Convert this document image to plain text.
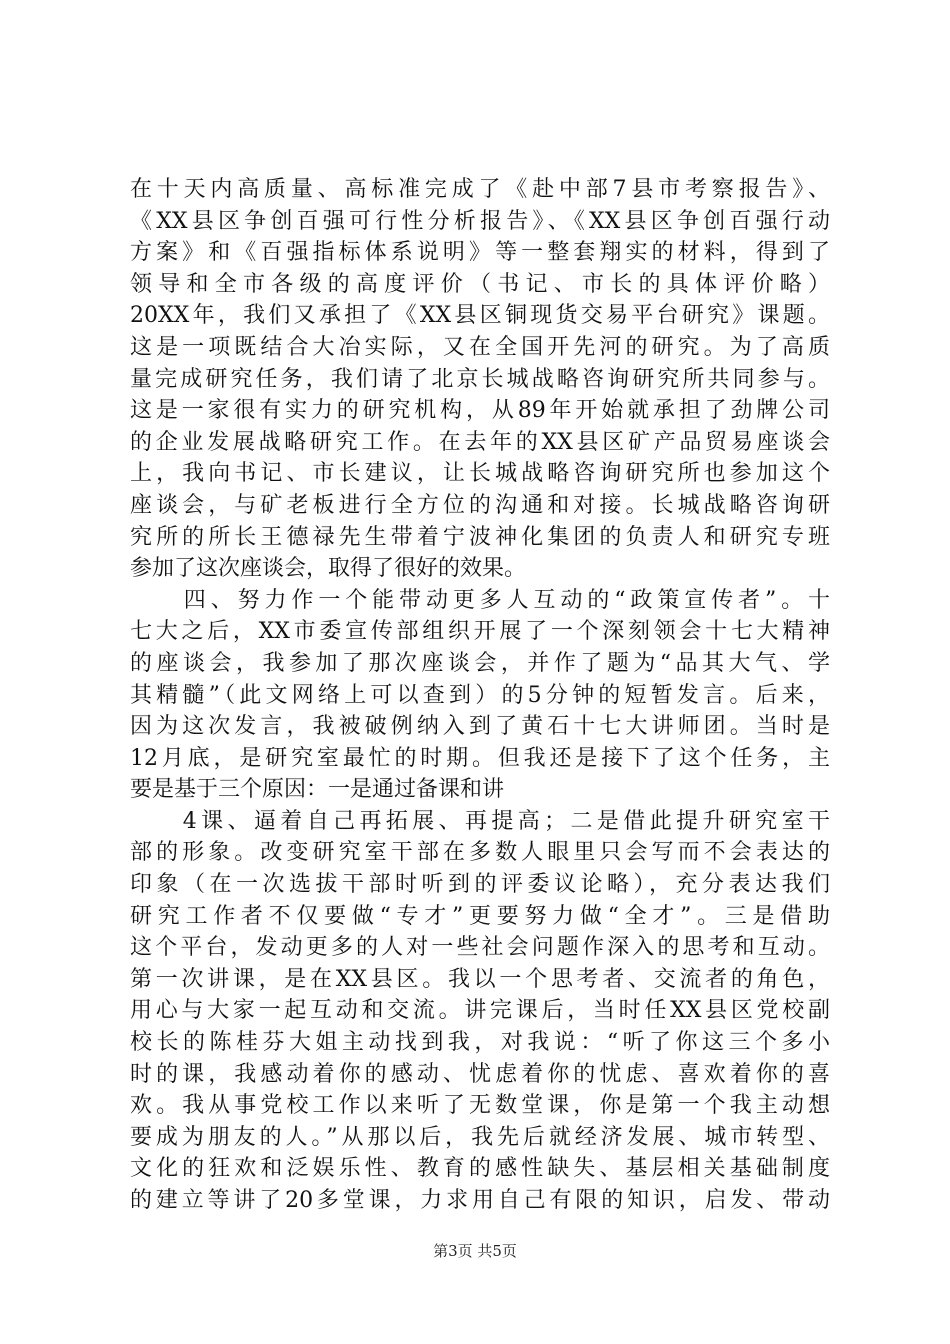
在十天内高质量、高标准完成了《赴中部7县市考察报告》、
《XX县区争创百强可行性分析报告》、《XX县区争创百强行动
方案》和《百强指标体系说明》等一整套翔实的材料，得到了
领导和全市各级的高度评价（书记、市长的具体评价略）
20XX年，我们又承担了《XX县区铜现货交易平台研究》课题。
这是一项既结合大冶实际，又在全国开先河的研究。为了高质
量完成研究任务，我们请了北京长城战略咨询研究所共同参与。
这是一家很有实力的研究机构，从89年开始就承担了劲牌公司
的企业发展战略研究工作。在去年的XX县区矿产品贸易座谈会
上，我向书记、市长建议，让长城战略咨询研究所也参加这个
座谈会，与矿老板进行全方位的沟通和对接。长城战略咨询研
究所的所长王德禄先生带着宁波神化集团的负责人和研究专班
参加了这次座谈会，取得了很好的效果。
　　四、努力作一个能带动更多人互动的“政策宣传者”。十
七大之后，XX市委宣传部组织开展了一个深刻领会十七大精神
的座谈会，我参加了那次座谈会，并作了题为“品其大气、学
其精髓”（此文网络上可以查到）的5分钟的短暂发言。后来，
因为这次发言，我被破例纳入到了黄石十七大讲师团。当时是
12月底，是研究室最忙的时期。但我还是接下了这个任务，主
要是基于三个原因：一是通过备课和讲
　　4课、逼着自己再拓展、再提高；二是借此提升研究室干
部的形象。改变研究室干部在多数人眼里只会写而不会表达的
印象（在一次选拔干部时听到的评委议论略），充分表达我们
研究工作者不仅要做“专才”更要努力做“全才”。三是借助
这个平台，发动更多的人对一些社会问题作深入的思考和互动。
第一次讲课，是在XX县区。我以一个思考者、交流者的角色，
用心与大家一起互动和交流。讲完课后，当时任XX县区党校副
校长的陈桂芬大姐主动找到我，对我说：“听了你这三个多小
时的课，我感动着你的感动、忧虑着你的忧虑、喜欢着你的喜
欢。我从事党校工作以来听了无数堂课，你是第一个我主动想
要成为朋友的人。”从那以后，我先后就经济发展、城市转型、
文化的狂欢和泛娱乐性、教育的感性缺失、基层相关基础制度
的建立等讲了20多堂课，力求用自己有限的知识，启发、带动
第3页 共5页
